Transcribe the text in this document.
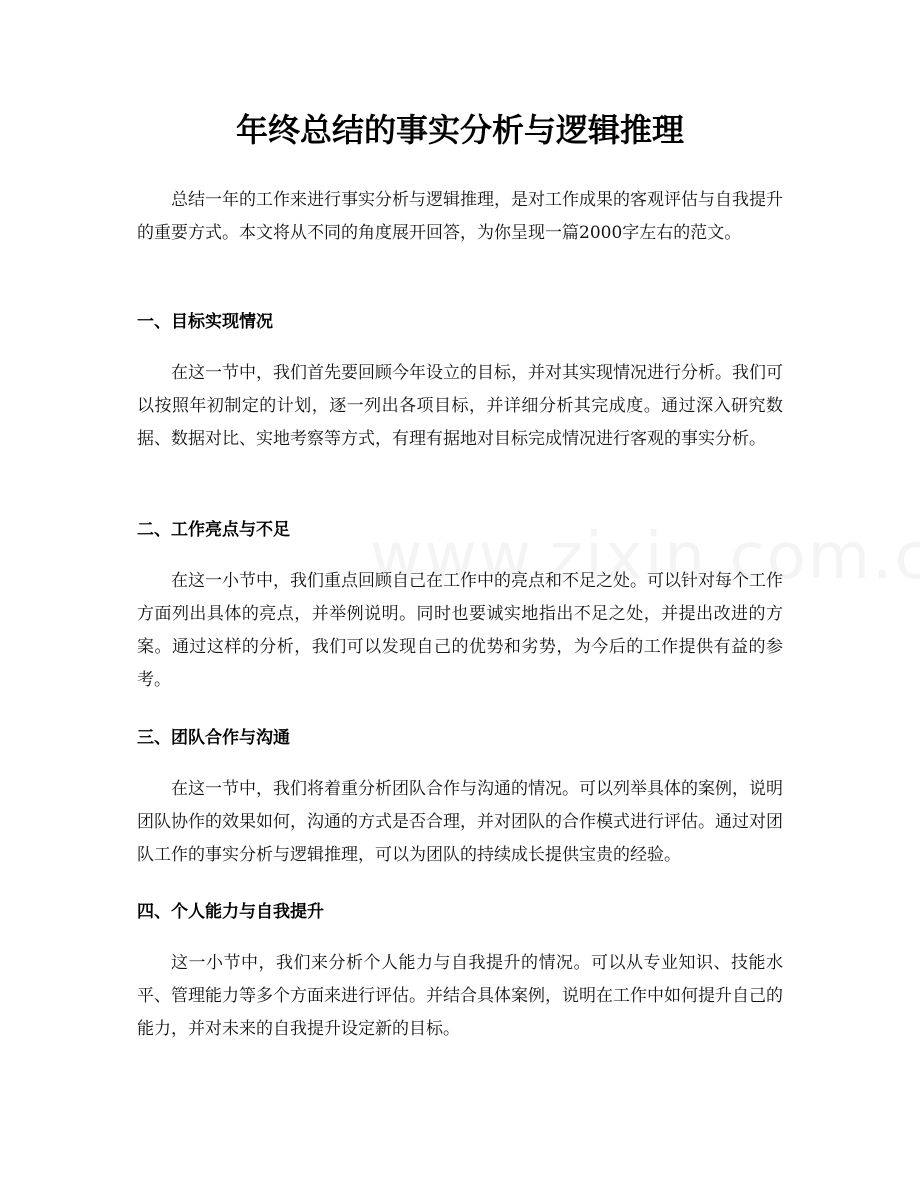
年终总结的事实分析与逻辑推理

总结一年的工作来进行事实分析与逻辑推理，是对工作成果的客观评估与自我提升的重要方式。本文将从不同的角度展开回答，为你呈现一篇2000字左右的范文。

一、目标实现情况

在这一节中，我们首先要回顾今年设立的目标，并对其实现情况进行分析。我们可以按照年初制定的计划，逐一列出各项目标，并详细分析其完成度。通过深入研究数据、数据对比、实地考察等方式，有理有据地对目标完成情况进行客观的事实分析。

二、工作亮点与不足

在这一小节中，我们重点回顾自己在工作中的亮点和不足之处。可以针对每个工作方面列出具体的亮点，并举例说明。同时也要诚实地指出不足之处，并提出改进的方案。通过这样的分析，我们可以发现自己的优势和劣势，为今后的工作提供有益的参考。

三、团队合作与沟通

在这一节中，我们将着重分析团队合作与沟通的情况。可以列举具体的案例，说明团队协作的效果如何，沟通的方式是否合理，并对团队的合作模式进行评估。通过对团队工作的事实分析与逻辑推理，可以为团队的持续成长提供宝贵的经验。

四、个人能力与自我提升

这一小节中，我们来分析个人能力与自我提升的情况。可以从专业知识、技能水平、管理能力等多个方面来进行评估。并结合具体案例，说明在工作中如何提升自己的能力，并对未来的自我提升设定新的目标。
